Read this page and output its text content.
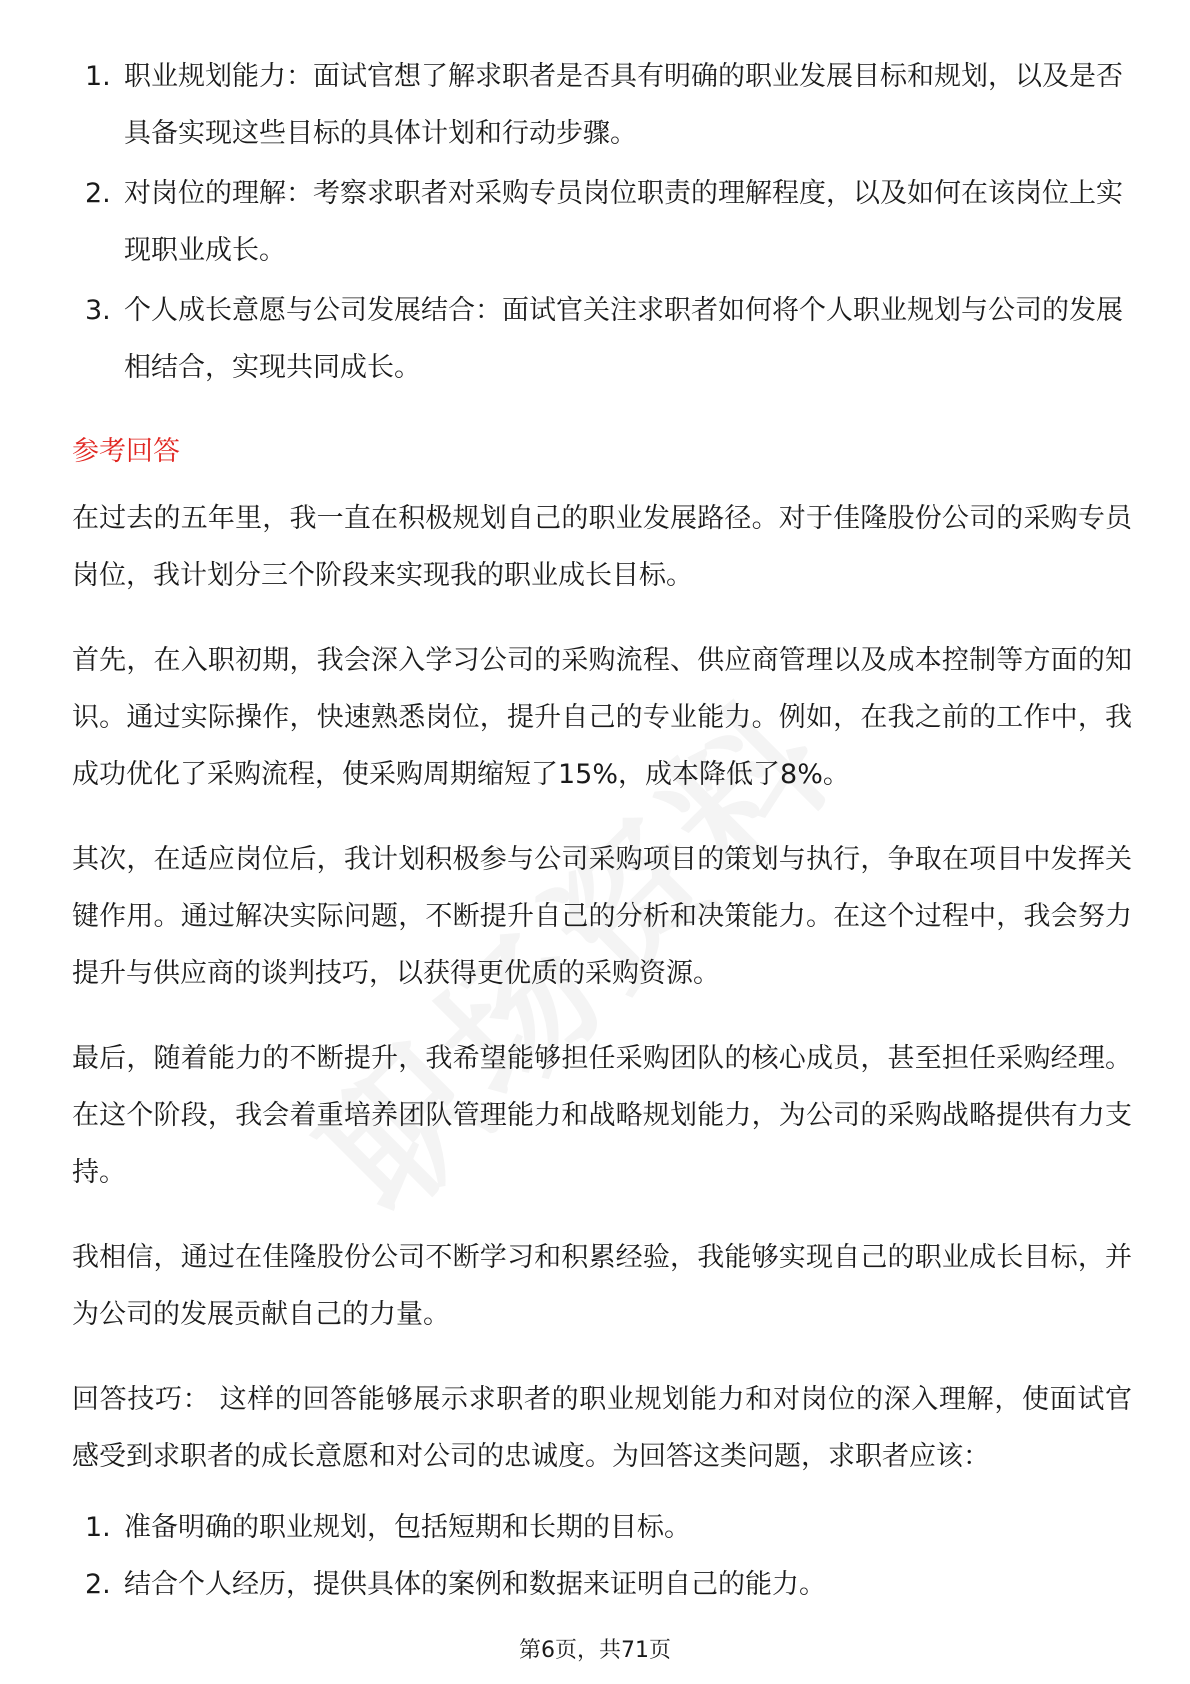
1. 职业规划能力：面试官想了解求职者是否具有明确的职业发展目标和规划，以及是否具备实现这些目标的具体计划和行动步骤。
2. 对岗位的理解：考察求职者对采购专员岗位职责的理解程度，以及如何在该岗位上实现职业成长。
3. 个人成长意愿与公司发展结合：面试官关注求职者如何将个人职业规划与公司的发展相结合，实现共同成长。
参考回答

在过去的五年里，我一直在积极规划自己的职业发展路径。对于佳隆股份公司的采购专员岗位，我计划分三个阶段来实现我的职业成长目标。

首先，在入职初期，我会深入学习公司的采购流程、供应商管理以及成本控制等方面的知识。通过实际操作，快速熟悉岗位，提升自己的专业能力。例如，在我之前的工作中，我成功优化了采购流程，使采购周期缩短了15%，成本降低了8%。

其次，在适应岗位后，我计划积极参与公司采购项目的策划与执行，争取在项目中发挥关键作用。通过解决实际问题，不断提升自己的分析和决策能力。在这个过程中，我会努力提升与供应商的谈判技巧，以获得更优质的采购资源。

最后，随着能力的不断提升，我希望能够担任采购团队的核心成员，甚至担任采购经理。在这个阶段，我会着重培养团队管理能力和战略规划能力，为公司的采购战略提供有力支持。

我相信，通过在佳隆股份公司不断学习和积累经验，我能够实现自己的职业成长目标，并为公司的发展贡献自己的力量。

回答技巧： 这样的回答能够展示求职者的职业规划能力和对岗位的深入理解，使面试官感受到求职者的成长意愿和对公司的忠诚度。为回答这类问题，求职者应该：

1. 准备明确的职业规划，包括短期和长期的目标。
2. 结合个人经历，提供具体的案例和数据来证明自己的能力。
第6页，共71页
